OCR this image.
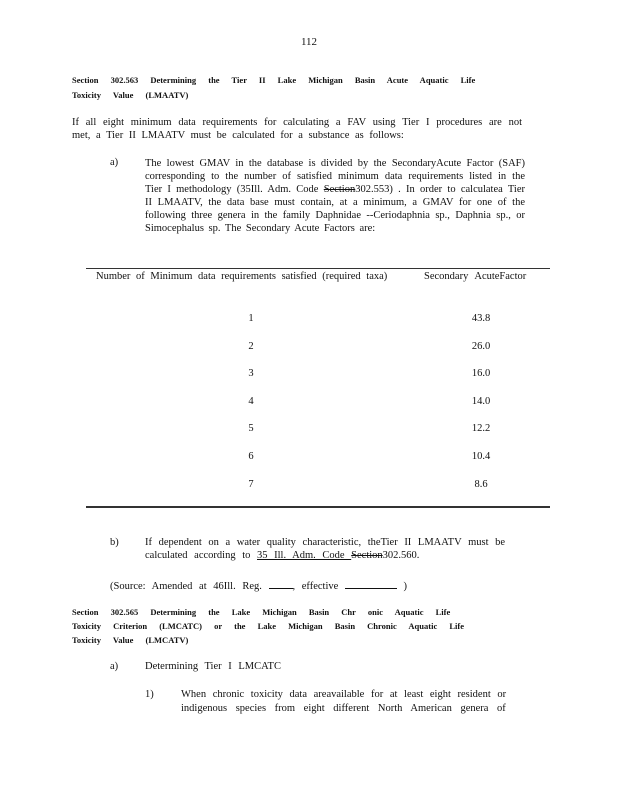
112
Section 302.563 Determining the Tier II Lake Michigan Basin Acute Aquatic Life
Toxicity Value (LMAATV)
If all eight minimum data requirements for calculating a FAV using Tier I procedures are not met, a Tier II LMAATV must be calculated for a substance as follows:
a)	The lowest GMAV in the database is divided by the SecondaryAcute Factor (SAF) corresponding to the number of satisfied minimum data requirements listed in the Tier I methodology (35Ill. Adm. Code Section302.553) . In order to calculatea Tier II LMAATV, the data base must contain, at a minimum, a GMAV for one of the following three genera in the family Daphnidae --Ceriodaphnia sp., Daphnia sp., or Simocephalus sp. The Secondary Acute Factors are:
Number of Minimum data requirements satisfied (required taxa)	Secondary AcuteFactor
1	43.8
2	26.0
3	16.0
4	14.0
5	12.2
6	10.4
7	8.6
b)	If dependent on a water quality characteristic, theTier II LMAATV must be
calculated according to 35 Ill. Adm. Code Section302.560.
(Source: Amended at 46Ill. Reg.	, effective	)
Section 302.565 Determining the Lake Michigan Basin Chr onic Aquatic Life
Toxicity Criterion (LMCATC) or the Lake Michigan Basin Chronic Aquatic Life
Toxicity Value (LMCATV)
a)	Determining Tier I LMCATC
1)	When chronic toxicity data areavailable for at least eight resident or
indigenous species from eight different North American genera of
